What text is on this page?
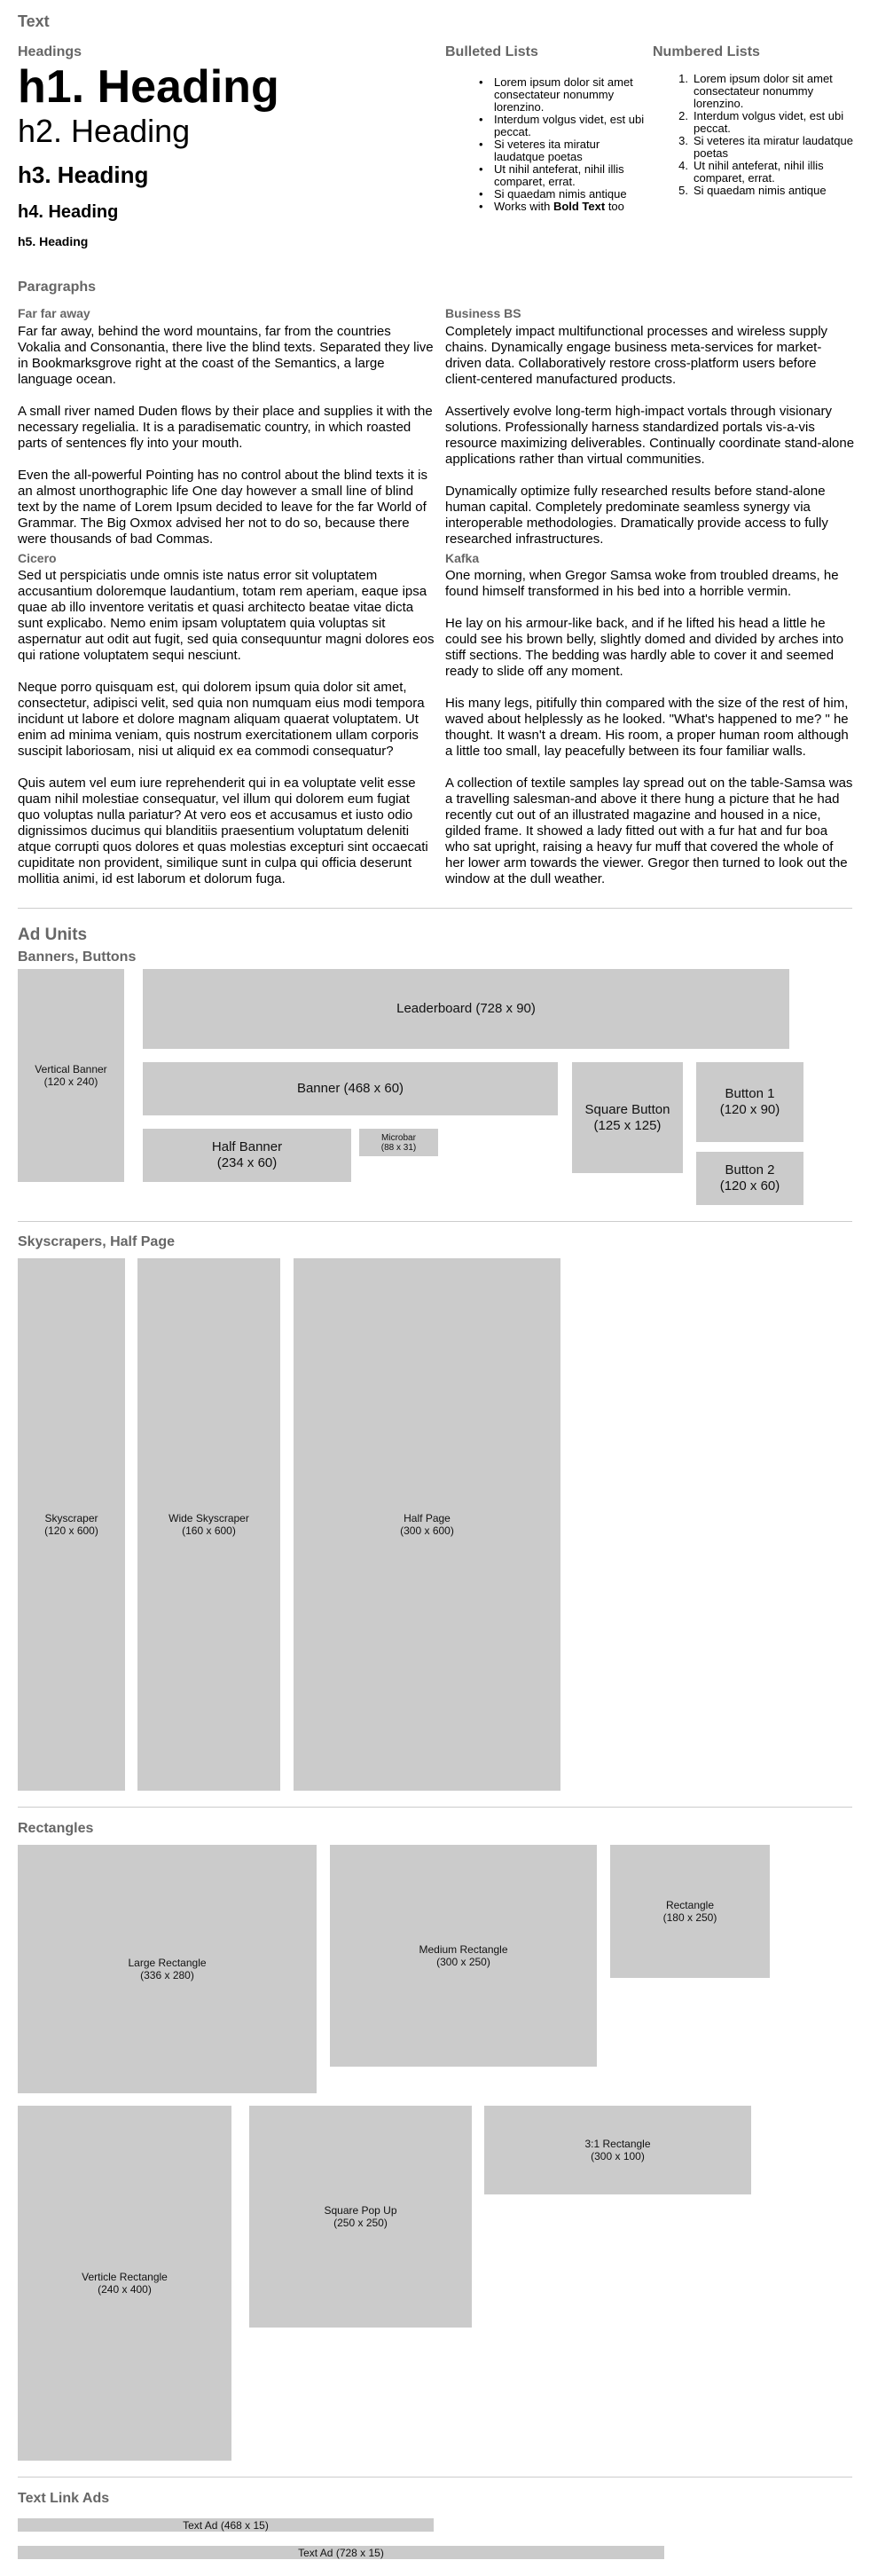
Text
Headings
h1. Heading
h2. Heading
h3. Heading
h4. Heading
h5. Heading
Bulleted Lists
• Lorem ipsum dolor sit amet consectateur nonummy lorenzino.
• Interdum volgus videt, est ubi peccat.
• Si veteres ita miratur laudatque poetas
• Ut nihil anteferat, nihil illis comparet, errat.
• Si quaedam nimis antique
• Works with Bold Text too
Numbered Lists
1. Lorem ipsum dolor sit amet consectateur nonummy lorenzino.
2. Interdum volgus videt, est ubi peccat.
3. Si veteres ita miratur laudatque poetas
4. Ut nihil anteferat, nihil illis comparet, errat.
5. Si quaedam nimis antique
Paragraphs
Far far away

Far far away, behind the word mountains, far from the countries Vokalia and Consonantia, there live the blind texts. Separated they live in Bookmarksgrove right at the coast of the Semantics, a large language ocean.

A small river named Duden flows by their place and supplies it with the necessary regelialia. It is a paradisematic country, in which roasted parts of sentences fly into your mouth.

Even the all-powerful Pointing has no control about the blind texts it is an almost unorthographic life One day however a small line of blind text by the name of Lorem Ipsum decided to leave for the far World of Grammar. The Big Oxmox advised her not to do so, because there were thousands of bad Commas.

Business BS

Completely impact multifunctional processes and wireless supply chains. Dynamically engage business meta-services for market-driven data. Collaboratively restore cross-platform users before client-centered manufactured products.

Assertively evolve long-term high-impact vortals through visionary solutions. Professionally harness standardized portals vis-a-vis resource maximizing deliverables. Continually coordinate stand-alone applications rather than virtual communities.

Dynamically optimize fully researched results before stand-alone human capital. Completely predominate seamless synergy via interoperable methodologies. Dramatically provide access to fully researched infrastructures.

Cicero

Sed ut perspiciatis unde omnis iste natus error sit voluptatem accusantium doloremque laudantium, totam rem aperiam, eaque ipsa quae ab illo inventore veritatis et quasi architecto beatae vitae dicta sunt explicabo. Nemo enim ipsam voluptatem quia voluptas sit aspernatur aut odit aut fugit, sed quia consequuntur magni dolores eos qui ratione voluptatem sequi nesciunt.

Neque porro quisquam est, qui dolorem ipsum quia dolor sit amet, consectetur, adipisci velit, sed quia non numquam eius modi tempora incidunt ut labore et dolore magnam aliquam quaerat voluptatem. Ut enim ad minima veniam, quis nostrum exercitationem ullam corporis suscipit laboriosam, nisi ut aliquid ex ea commodi consequatur?

Quis autem vel eum iure reprehenderit qui in ea voluptate velit esse quam nihil molestiae consequatur, vel illum qui dolorem eum fugiat quo voluptas nulla pariatur? At vero eos et accusamus et iusto odio dignissimos ducimus qui blanditiis praesentium voluptatum deleniti atque corrupti quos dolores et quas molestias excepturi sint occaecati cupiditate non provident, similique sunt in culpa qui officia deserunt mollitia animi, id est laborum et dolorum fuga.

Kafka

One morning, when Gregor Samsa woke from troubled dreams, he found himself transformed in his bed into a horrible vermin.

He lay on his armour-like back, and if he lifted his head a little he could see his brown belly, slightly domed and divided by arches into stiff sections. The bedding was hardly able to cover it and seemed ready to slide off any moment.

His many legs, pitifully thin compared with the size of the rest of him, waved about helplessly as he looked. "What's happened to me? " he thought. It wasn't a dream. His room, a proper human room although a little too small, lay peacefully between its four familiar walls.

A collection of textile samples lay spread out on the table-Samsa was a travelling salesman-and above it there hung a picture that he had recently cut out of an illustrated magazine and housed in a nice, gilded frame. It showed a lady fitted out with a fur hat and fur boa who sat upright, raising a heavy fur muff that covered the whole of her lower arm towards the viewer. Gregor then turned to look out the window at the dull weather.

Ad Units
Banners, Buttons
Vertical Banner
(120 x 240)
Leaderboard (728 x 90)
Banner (468 x 60)
Half Banner
(234 x 60)
Microbar
(88 x 31)
Square Button
(125 x 125)
Button 1
(120 x 90)
Button 2
(120 x 60)
Skyscrapers, Half Page
Skyscraper
(120 x 600)
Wide Skyscraper
(160 x 600)
Half Page
(300 x 600)
Rectangles
Large Rectangle
(336 x 280)
Medium Rectangle
(300 x 250)
Rectangle
(180 x 250)
Verticle Rectangle
(240 x 400)
Square Pop Up
(250 x 250)
3:1 Rectangle
(300 x 100)
Text Link Ads
Text Ad (468 x 15)
Text Ad (728 x 15)
